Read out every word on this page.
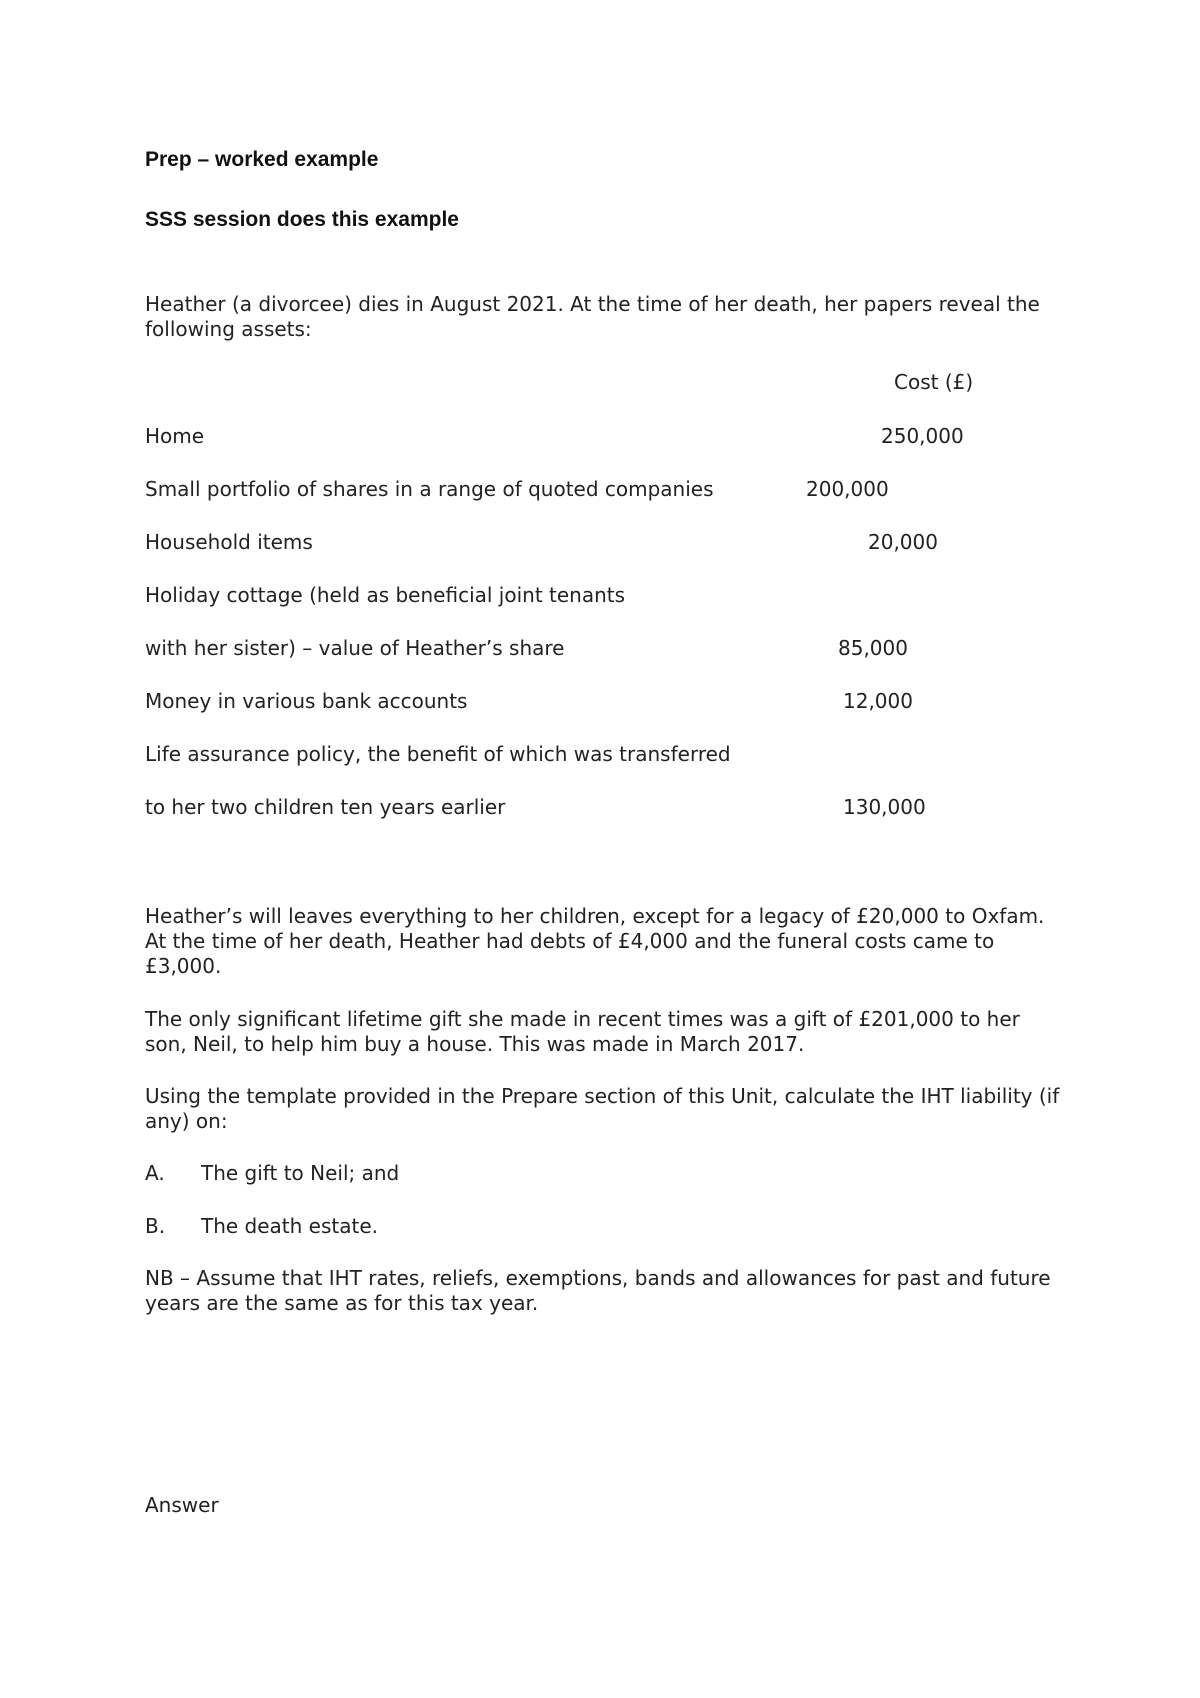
Prep – worked example
SSS session does this example
Heather (a divorcee) dies in August 2021. At the time of her death, her papers reveal the following assets:
Cost (£)
Home	250,000
Small portfolio of shares in a range of quoted companies	200,000
Household items	20,000
Holiday cottage (held as beneficial joint tenants
with her sister) – value of Heather’s share	85,000
Money in various bank accounts	12,000
Life assurance policy, the benefit of which was transferred
to her two children ten years earlier	130,000
Heather’s will leaves everything to her children, except for a legacy of £20,000 to Oxfam. At the time of her death, Heather had debts of £4,000 and the funeral costs came to £3,000.
The only significant lifetime gift she made in recent times was a gift of £201,000 to her son, Neil, to help him buy a house. This was made in March 2017.
Using the template provided in the Prepare section of this Unit, calculate the IHT liability (if any) on:
A. The gift to Neil; and
B. The death estate.
NB – Assume that IHT rates, reliefs, exemptions, bands and allowances for past and future years are the same as for this tax year.
Answer
